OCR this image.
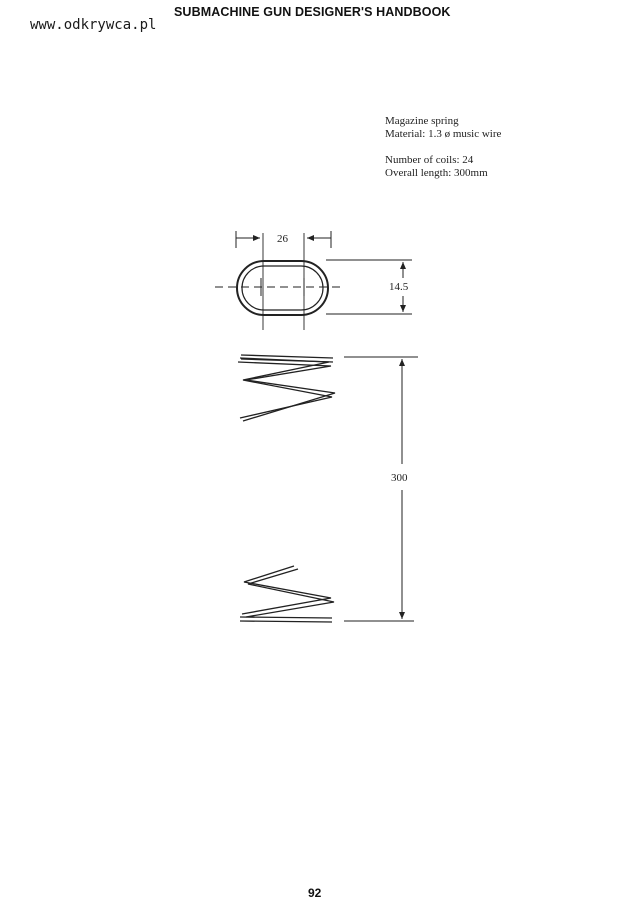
www.odkrywca.pl
SUBMACHINE GUN DESIGNER'S HANDBOOK
Magazine spring
Material: 1.3 ø music wire
Number of coils: 24
Overall length: 300mm
26
14.5
300
92
